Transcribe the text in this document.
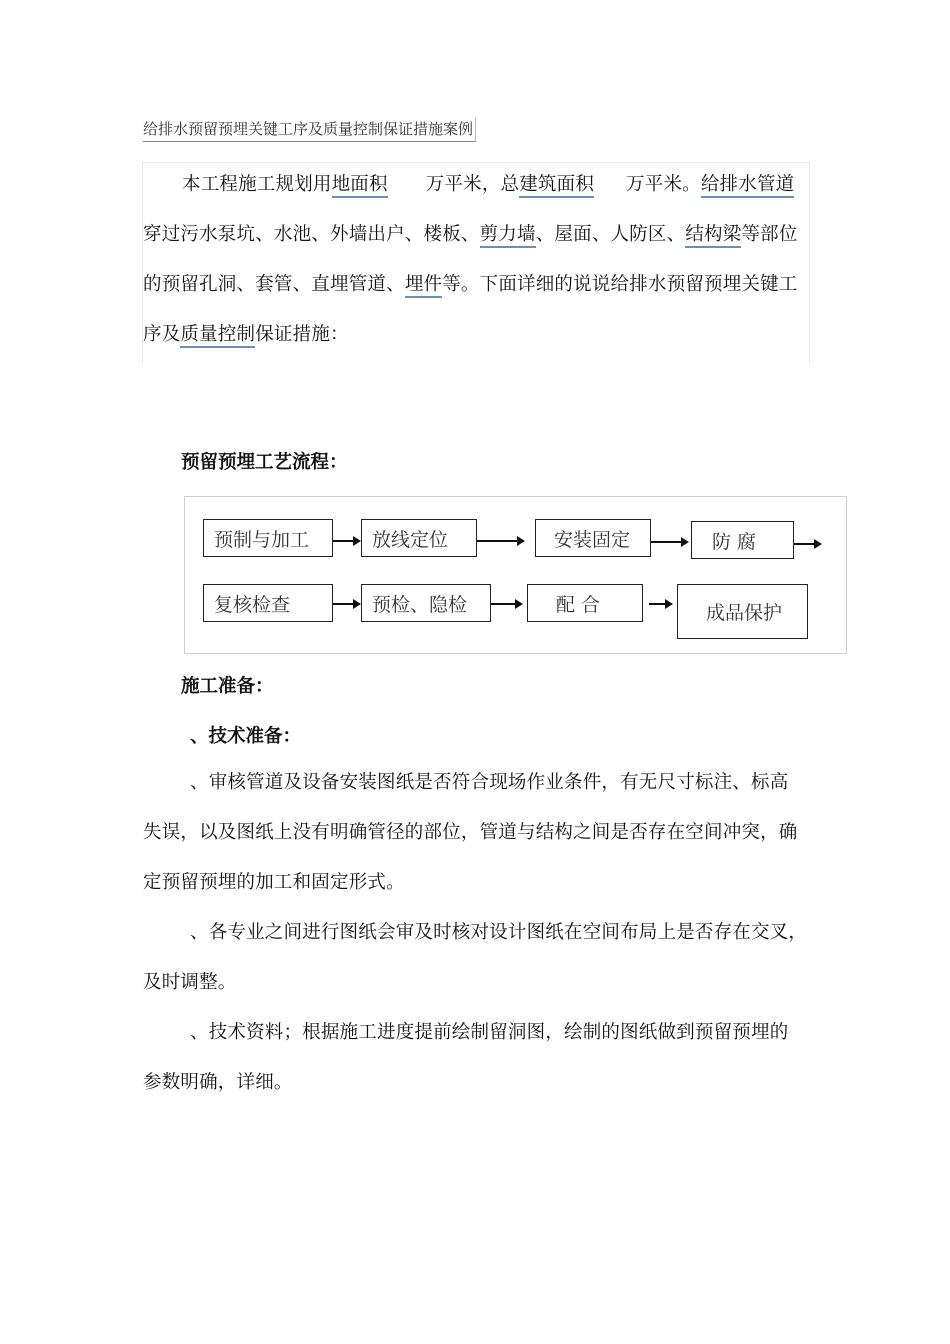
给排水预留预埋关键工序及质量控制保证措施案例
本工程施工规划用地面积 万平米，总建筑面积 万平米。给排水管道
穿过污水泵坑、水池、外墙出户、楼板、剪力墙、屋面、人防区、结构梁等部位
的预留孔洞、套管、直埋管道、埋件等。下面详细的说说给排水预留预埋关键工
序及质量控制保证措施：
预留预埋工艺流程：
预制与加工	放线定位	安装固定	防 腐
复核检查	预检、隐检	配 合	成品保护
施工准备：
、技术准备：
、审核管道及设备安装图纸是否符合现场作业条件，有无尺寸标注、标高
失误，以及图纸上没有明确管径的部位，管道与结构之间是否存在空间冲突，确
定预留预埋的加工和固定形式。
、各专业之间进行图纸会审及时核对设计图纸在空间布局上是否存在交叉，
及时调整。
、技术资料；根据施工进度提前绘制留洞图，绘制的图纸做到预留预埋的
参数明确，详细。
